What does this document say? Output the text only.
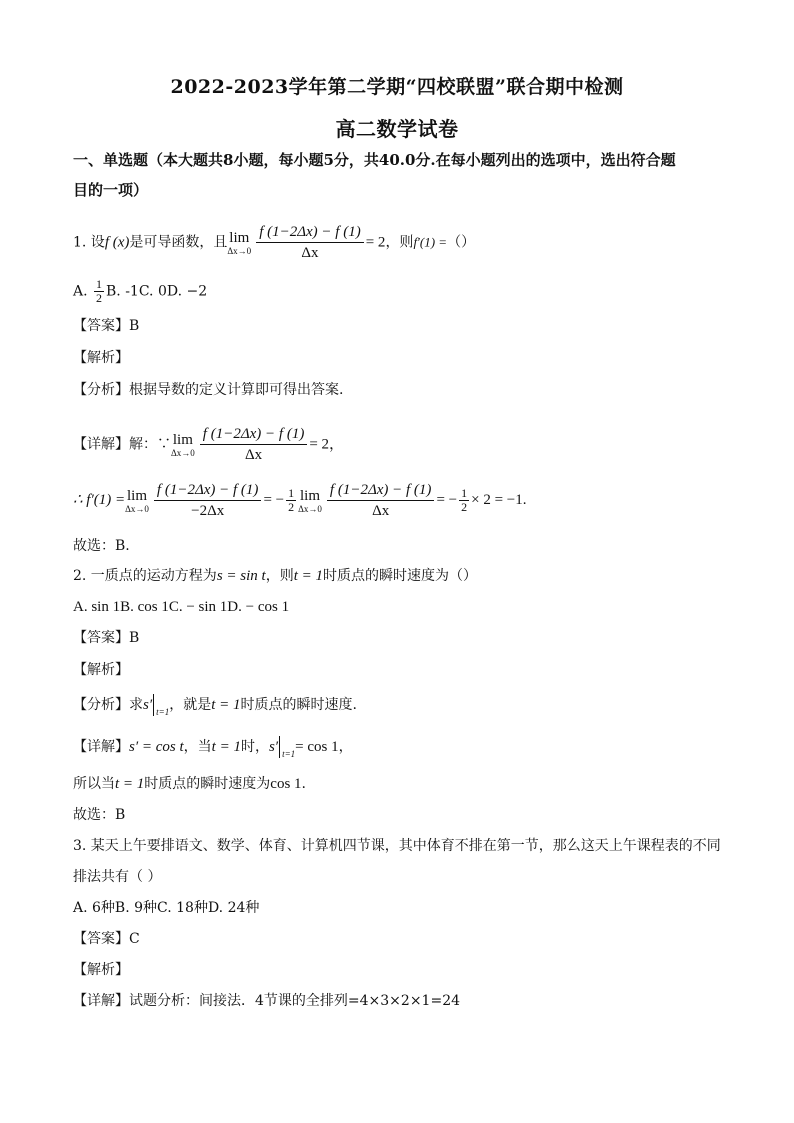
2022-2023学年第二学期“四校联盟”联合期中检测
高二数学试卷
一、单选题（本大题共8小题，每小题5分，共40.0分.在每小题列出的选项中，选出符合题
目的一项）
1. 设f (x)是可导函数，且 lim
$\Delta x\to 0 \frac{f (1-2\Delta x) - f (1)}{\Delta x} = 2$，则f′(1) =（）
A. $\frac{1}{2} B$. -1C. 0D. −2
【答案】B
【解析】
【分析】根据导数的定义计算即可得出答案.
【详解】解：∵ lim
$\Delta x\to 0 \frac{f (1-2\Delta x) - f (1)}{\Delta x} = 2$，
∴ f′(1) = lim
$\Delta x\to 0 \frac{f (1-2\Delta x) - f (1)}{-2\Delta x}$ = − $\frac{1}{2}$ lim
$\Delta x\to 0 \frac{f (1-2\Delta x) - f (1)}{\Delta x}$ = − $\frac{1}{2} \times 2 = -1$.
故选：B.
2. 一质点的运动方程为s = sin t，则t = 1时质点的瞬时速度为（）
A. sin 1B. cos 1C. − sin 1D. − cos 1
【答案】B
【解析】
【分析】求s′ $_{t=1}$，就是t = 1时质点的瞬时速度.
【详解】s′ = cos t，当t = 1时，s′ $_{t=1}$= cos 1，
所以当t = 1时质点的瞬时速度为cos 1.
故选：B
3. 某天上午要排语文、数学、体育、计算机四节课，其中体育不排在第一节，那么这天上午课程表的不同
排法共有（ ）
A. 6种B. 9种C. 18种D. 24种
【答案】C
【解析】
【详解】试题分析：间接法．4节课的全排列=4×3×2×1=24
